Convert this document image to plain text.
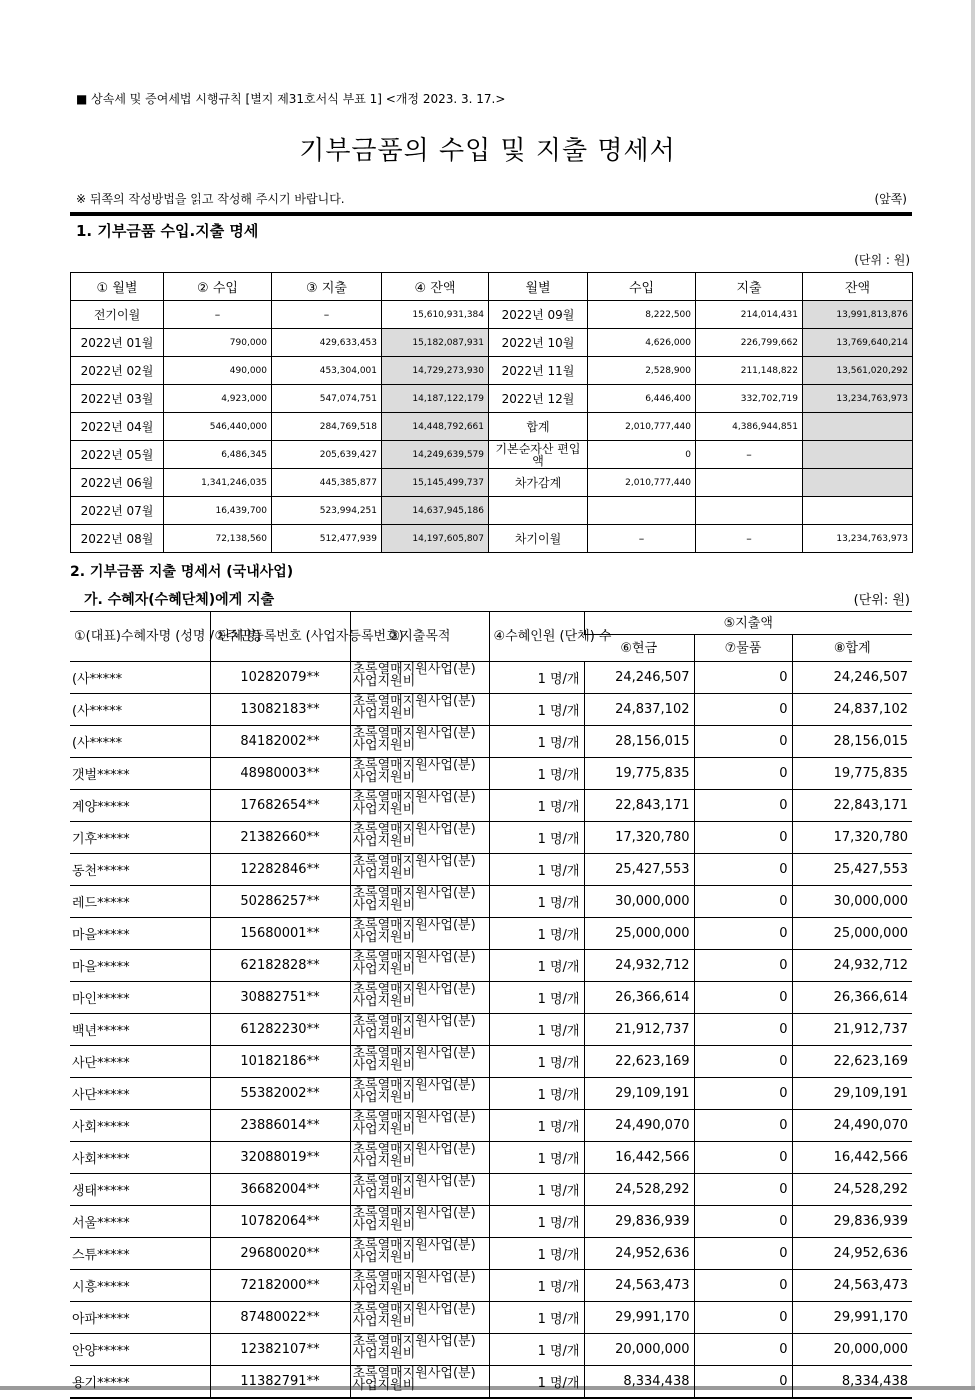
■ 상속세 및 증여세법 시행규칙 [별지 제31호서식 부표 1] <개정 2023. 3. 17.>
기부금품의 수입 및 지출 명세서
※ 뒤쪽의 작성방법을 읽고 작성해 주시기 바랍니다.	(앞쪽)
1. 기부금품 수입.지출 명세
(단위 : 원)
① 월별	② 수입	③ 지출	④ 잔액	월별	수입	지출	잔액
전기이월	–	–	15,610,931,384	2022년 09월	8,222,500	214,014,431	13,991,813,876
2022년 01월	790,000	429,633,453	15,182,087,931	2022년 10월	4,626,000	226,799,662	13,769,640,214
2022년 02월	490,000	453,304,001	14,729,273,930	2022년 11월	2,528,900	211,148,822	13,561,020,292
2022년 03월	4,923,000	547,074,751	14,187,122,179	2022년 12월	6,446,400	332,702,719	13,234,763,973
2022년 04월	546,440,000	284,769,518	14,448,792,661	합계	2,010,777,440	4,386,944,851	
2022년 05월	6,486,345	205,639,427	14,249,639,579	기본순자산 편입액	0	–	
2022년 06월	1,341,246,035	445,385,877	15,145,499,737	차가감계	2,010,777,440		
2022년 07월	16,439,700	523,994,251	14,637,945,186				
2022년 08월	72,138,560	512,477,939	14,197,605,807	차기이월	–	–	13,234,763,973
2. 기부금품 지출 명세서 (국내사업)
가. 수혜자(수혜단체)에게 지출	(단위: 원)
①(대표)수혜자명 (성명 / 단체명)	②주민등록번호 (사업자등록번호)	③지출목적	④수혜인원 (단체) 수	⑤지출액		
				⑥현금	⑦물품	⑧합계
(사*****	10282079**	초록열매지원사업(분) 사업지원비	1 명/개	24,246,507	0	24,246,507
(사*****	13082183**	초록열매지원사업(분) 사업지원비	1 명/개	24,837,102	0	24,837,102
(사*****	84182002**	초록열매지원사업(분) 사업지원비	1 명/개	28,156,015	0	28,156,015
갯벌*****	48980003**	초록열매지원사업(분) 사업지원비	1 명/개	19,775,835	0	19,775,835
계양*****	17682654**	초록열매지원사업(분) 사업지원비	1 명/개	22,843,171	0	22,843,171
기후*****	21382660**	초록열매지원사업(분) 사업지원비	1 명/개	17,320,780	0	17,320,780
동천*****	12282846**	초록열매지원사업(분) 사업지원비	1 명/개	25,427,553	0	25,427,553
레드*****	50286257**	초록열매지원사업(분) 사업지원비	1 명/개	30,000,000	0	30,000,000
마을*****	15680001**	초록열매지원사업(분) 사업지원비	1 명/개	25,000,000	0	25,000,000
마을*****	62182828**	초록열매지원사업(분) 사업지원비	1 명/개	24,932,712	0	24,932,712
마인*****	30882751**	초록열매지원사업(분) 사업지원비	1 명/개	26,366,614	0	26,366,614
백년*****	61282230**	초록열매지원사업(분) 사업지원비	1 명/개	21,912,737	0	21,912,737
사단*****	10182186**	초록열매지원사업(분) 사업지원비	1 명/개	22,623,169	0	22,623,169
사단*****	55382002**	초록열매지원사업(분) 사업지원비	1 명/개	29,109,191	0	29,109,191
사회*****	23886014**	초록열매지원사업(분) 사업지원비	1 명/개	24,490,070	0	24,490,070
사회*****	32088019**	초록열매지원사업(분) 사업지원비	1 명/개	16,442,566	0	16,442,566
생태*****	36682004**	초록열매지원사업(분) 사업지원비	1 명/개	24,528,292	0	24,528,292
서울*****	10782064**	초록열매지원사업(분) 사업지원비	1 명/개	29,836,939	0	29,836,939
스튜*****	29680020**	초록열매지원사업(분) 사업지원비	1 명/개	24,952,636	0	24,952,636
시흥*****	72182000**	초록열매지원사업(분) 사업지원비	1 명/개	24,563,473	0	24,563,473
아파*****	87480022**	초록열매지원사업(분) 사업지원비	1 명/개	29,991,170	0	29,991,170
안양*****	12382107**	초록열매지원사업(분) 사업지원비	1 명/개	20,000,000	0	20,000,000
용기*****	11382791**	초록열매지원사업(분) 사업지원비	1 명/개	8,334,438	0	8,334,438
